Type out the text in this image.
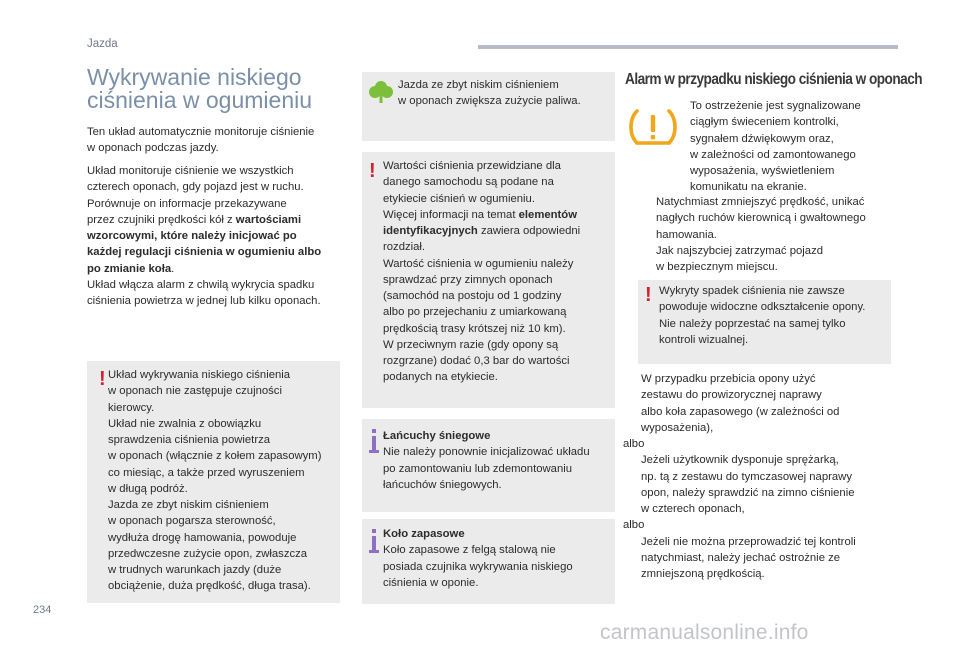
Jazda
234
carmanualsonline.info
Wykrywanie niskiego
ciśnienia w ogumieniu
Ten układ automatycznie monitoruje ciśnienie
w oponach podczas jazdy.
Układ monitoruje ciśnienie we wszystkich
czterech oponach, gdy pojazd jest w ruchu.
Porównuje on informacje przekazywane
przez czujniki prędkości kół z wartościami
wzorcowymi, które należy inicjować po
każdej regulacji ciśnienia w ogumieniu albo
po zmianie koła.
Układ włącza alarm z chwilą wykrycia spadku
ciśnienia powietrza w jednej lub kilku oponach.
! Układ wykrywania niskiego ciśnienia
w oponach nie zastępuje czujności
kierowcy.
Układ nie zwalnia z obowiązku
sprawdzenia ciśnienia powietrza
w oponach (włącznie z kołem zapasowym)
co miesiąc, a także przed wyruszeniem
w długą podróż.
Jazda ze zbyt niskim ciśnieniem
w oponach pogarsza sterowność,
wydłuża drogę hamowania, powoduje
przedwczesne zużycie opon, zwłaszcza
w trudnych warunkach jazdy (duże
obciążenie, duża prędkość, długa trasa).
Jazda ze zbyt niskim ciśnieniem
w oponach zwiększa zużycie paliwa.
! Wartości ciśnienia przewidziane dla
danego samochodu są podane na
etykiecie ciśnień w ogumieniu.
Więcej informacji na temat elementów
identyfikacyjnych zawiera odpowiedni
rozdział.
Wartość ciśnienia w ogumieniu należy
sprawdzać przy zimnych oponach
(samochód na postoju od 1 godziny
albo po przejechaniu z umiarkowaną
prędkością trasy krótszej niż 10 km).
W przeciwnym razie (gdy opony są
rozgrzane) dodać 0,3 bar do wartości
podanych na etykiecie.
Łańcuchy śniegowe
Nie należy ponownie inicjalizować układu
po zamontowaniu lub zdemontowaniu
łańcuchów śniegowych.
Koło zapasowe
Koło zapasowe z felgą stalową nie
posiada czujnika wykrywania niskiego
ciśnienia w oponie.
Alarm w przypadku niskiego ciśnienia w oponach
To ostrzeżenie jest sygnalizowane
ciągłym świeceniem kontrolki,
sygnałem dźwiękowym oraz,
w zależności od zamontowanego
wyposażenia, wyświetleniem
komunikatu na ekranie.
Natychmiast zmniejszyć prędkość, unikać
nagłych ruchów kierownicą i gwałtownego
hamowania.
Jak najszybciej zatrzymać pojazd
w bezpiecznym miejscu.
! Wykryty spadek ciśnienia nie zawsze
powoduje widoczne odkształcenie opony.
Nie należy poprzestać na samej tylko
kontroli wizualnej.
W przypadku przebicia opony użyć
zestawu do prowizorycznej naprawy
albo koła zapasowego (w zależności od
wyposażenia),
albo
Jeżeli użytkownik dysponuje sprężarką,
np. tą z zestawu do tymczasowej naprawy
opon, należy sprawdzić na zimno ciśnienie
w czterech oponach,
albo
Jeżeli nie można przeprowadzić tej kontroli
natychmiast, należy jechać ostrożnie ze
zmniejszoną prędkością.
